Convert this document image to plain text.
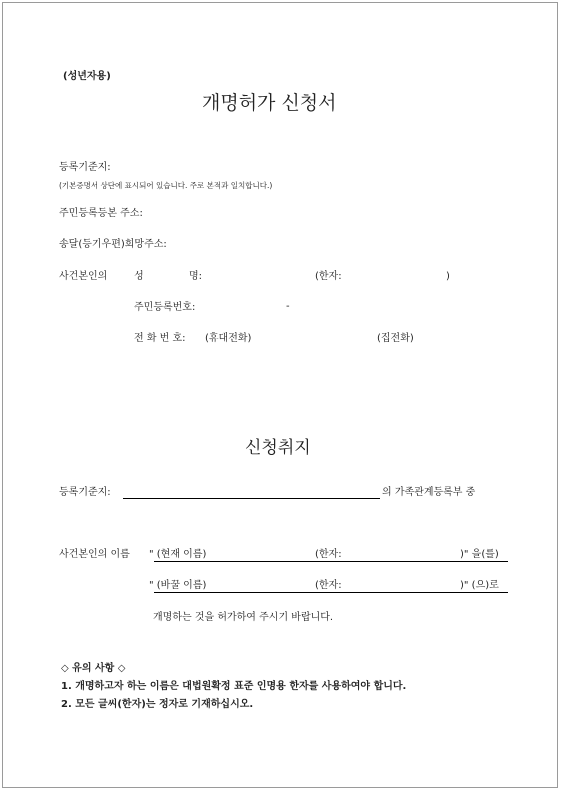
(성년자용)
개명허가 신청서
등록기준지:
(기본증명서 상단에 표시되어 있습니다. 주로 본적과 일치합니다.)
주민등록등본 주소:
송달(등기우편)희망주소:
사건본인의	성	명:	(한자:	)
주민등록번호:	-
전 화 번 호: (휴대전화)	(집전화)
신청취지
등록기준지:	의 가족관계등록부 중
사건본인의 이름 " (현재 이름)	(한자:	)" 을(를)
" (바꿀 이름)	(한자:	)" (으)로
개명하는 것을 허가하여 주시기 바랍니다.
◇ 유의 사항 ◇
1. 개명하고자 하는 이름은 대법원확정 표준 인명용 한자를 사용하여야 합니다.
2. 모든 글씨(한자)는 정자로 기재하십시오.
